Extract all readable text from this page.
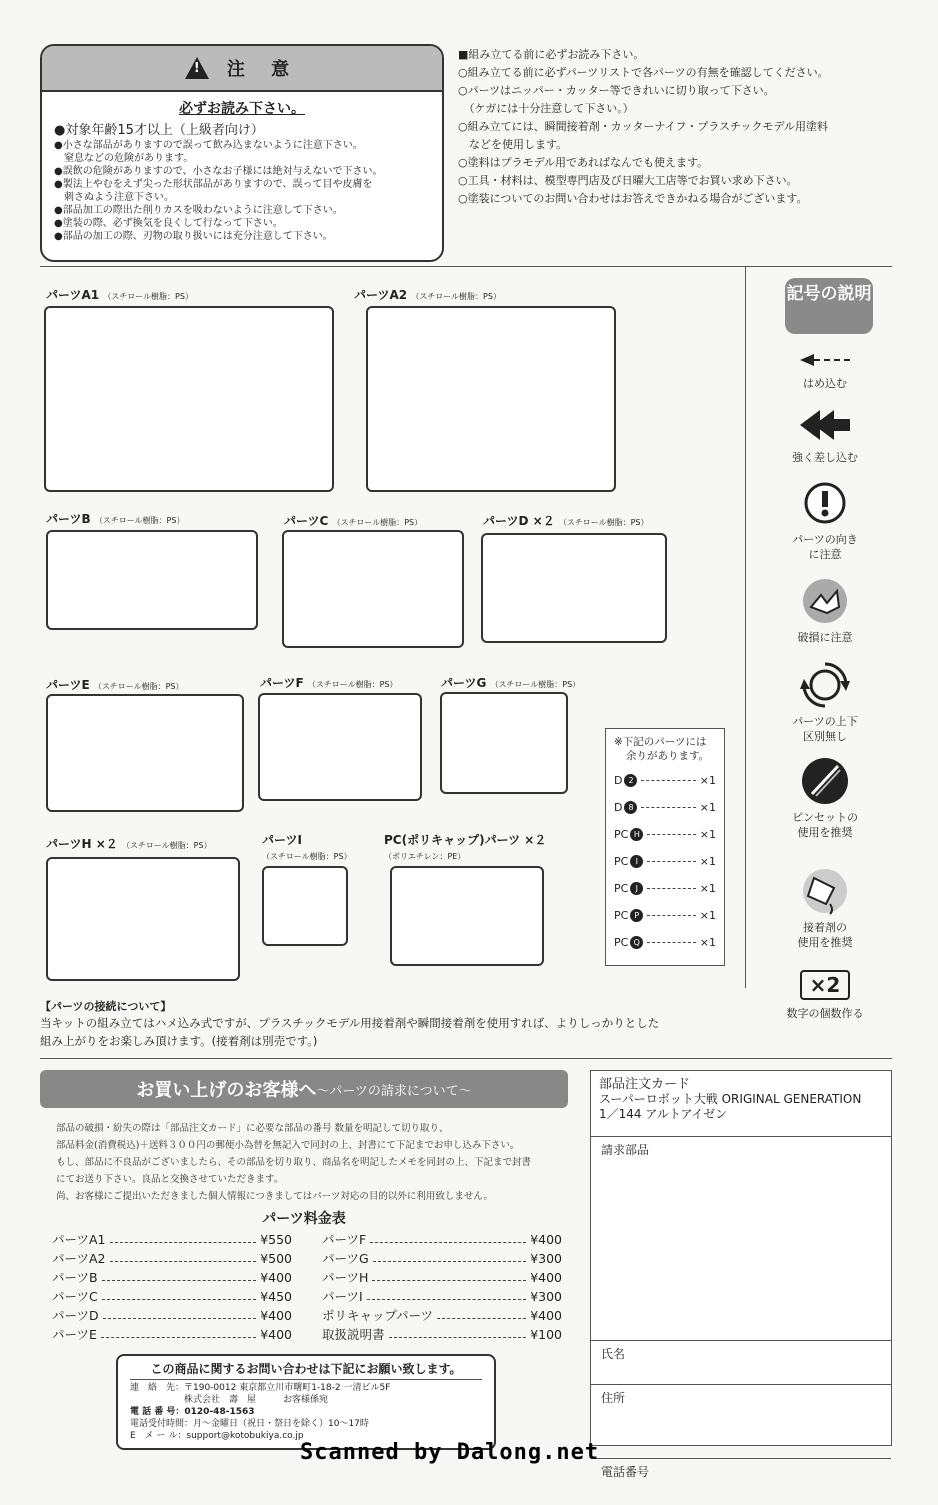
!
注 意
必ずお読み下さい。
●対象年齢15才以上（上級者向け）
●小さな部品がありますので誤って飲み込まないように注意下さい。
　窒息などの危険があります。
●誤飲の危険がありますので、小さなお子様には絶対与えないで下さい。
●製法上やむをえず尖った形状部品がありますので、誤って目や皮膚を
　刺さぬよう注意下さい。
●部品加工の際出た削りカスを吸わないように注意して下さい。
●塗装の際、必ず換気を良くして行なって下さい。
●部品の加工の際、刃物の取り扱いには充分注意して下さい。
■組み立てる前に必ずお読み下さい。
○組み立てる前に必ずパーツリストで各パーツの有無を確認してください。
○パーツはニッパー・カッター等できれいに切り取って下さい。
　（ケガには十分注意して下さい。）
○組み立てには、瞬間接着剤・カッターナイフ・プラスチックモデル用塗料
　などを使用します。
○塗料はプラモデル用であればなんでも使えます。
○工具・材料は、模型専門店及び日曜大工店等でお買い求め下さい。
○塗装についてのお問い合わせはお答えできかねる場合がございます。
パーツA1 （スチロール樹脂：PS）	パーツA2 （スチロール樹脂：PS）
パーツB （スチロール樹脂：PS）	パーツC （スチロール樹脂：PS）	パーツD ×２ （スチロール樹脂：PS）
パーツE （スチロール樹脂：PS）	パーツF （スチロール樹脂：PS）	パーツG （スチロール樹脂：PS）
パーツH ×２ （スチロール樹脂：PS）	パーツI
（スチロール樹脂：PS）
PC(ポリキャップ)パーツ ×２
（ポリエチレン：PE）
記号の説明
はめ込む
強く差し込む
パーツの向き
に注意
破損に注意
パーツの上下
区別無し
ピンセットの
使用を推奨
接着剤の
使用を推奨
×2
数字の個数作る
※下記のパーツには
余りがあります。
D 2	×1
D 8	×1
PC H	×1
PC I	×1
PC J	×1
PC P	×1
PC Q	×1
【パーツの接続について】
当キットの組み立てはハメ込み式ですが、プラスチックモデル用接着剤や瞬間接着剤を使用すれば、よりしっかりとした
組み上がりをお楽しみ頂けます。(接着剤は別売です。)
お買い上げのお客様へ 〜パーツの請求について〜
部品の破損・紛失の際は「部品注文カード」に必要な部品の番号 数量を明記して切り取り、
部品料金(消費税込)＋送料３００円の郵便小為替を無記入で同封の上、封書にて下記までお申し込み下さい。
もし、部品に不良品がございましたら、その部品を切り取り、商品名を明記したメモを同封の上、下記まで封書
にてお送り下さい。良品と交換させていただきます。
尚、お客様にご提出いただきました個人情報につきましてはパーツ対応の目的以外に利用致しません。
パーツ料金表
パーツA1	¥550
パーツA2	¥500
パーツB	¥400
パーツC	¥450
パーツD	¥400
パーツE	¥400
パーツF	¥400
パーツG	¥300
パーツH	¥400
パーツI	¥300
ポリキャップパーツ	¥400
取扱説明書	¥100
この商品に関するお問い合わせは下記にお願い致します。
連　絡　先：〒190-0012 東京都立川市曙町1-18-2 一清ビル5F
　　　　　　株式会社　壽　屋　　　お客様係宛
電 話 番 号：0120-48-1563
電話受付時間：月〜金曜日（祝日・祭日を除く）10〜17時
E　メ ー ル：support@kotobukiya.co.jp
部品注文カード
スーパーロボット大戦 ORIGINAL GENERATION
1／144 アルトアイゼン
請求部品
氏名
住所
電話番号
Scanned by Dalong.net
